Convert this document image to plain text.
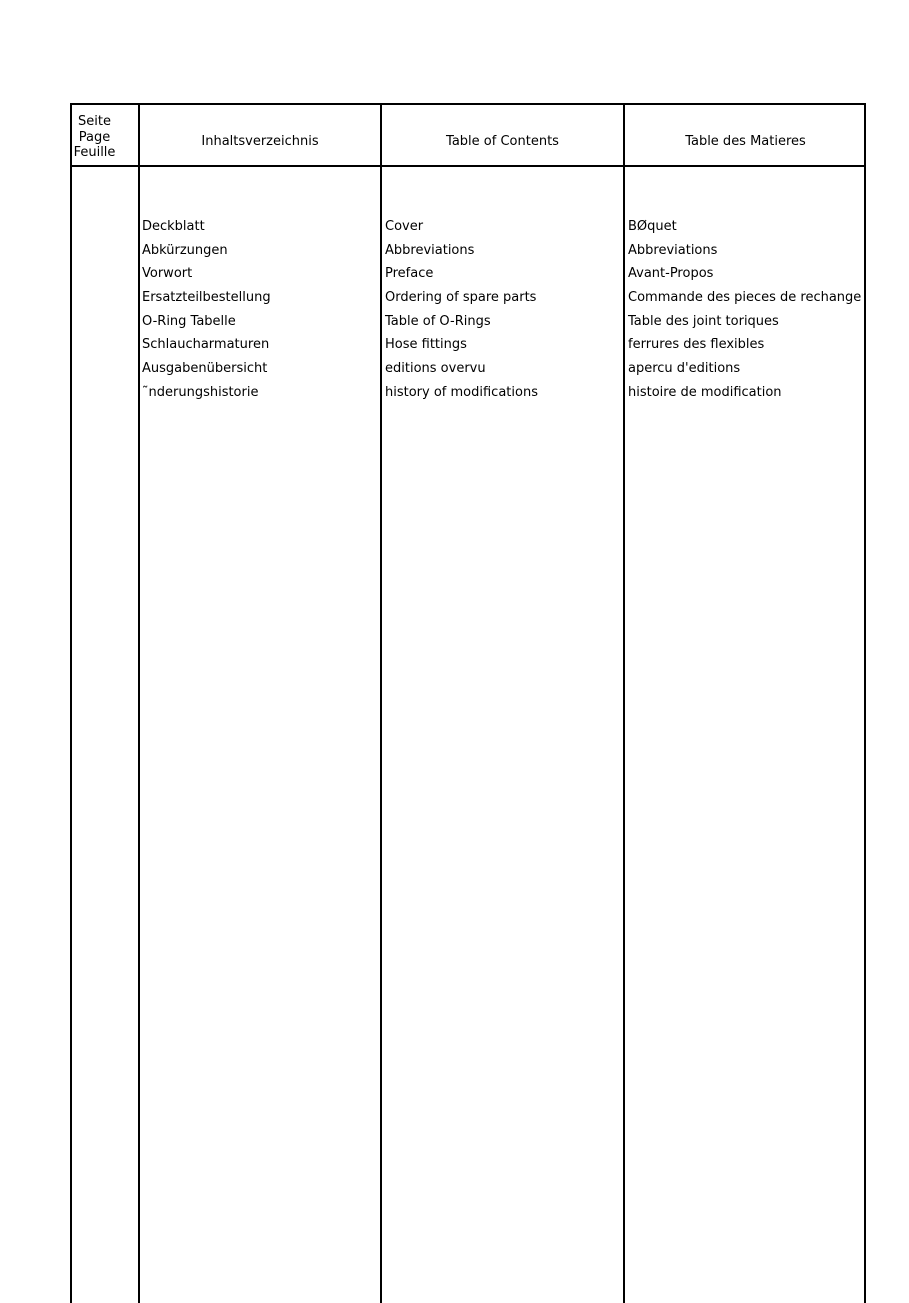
Seite
Page
Feuille
Inhaltsverzeichnis	Table of Contents	Table des Matieres
Deckblatt
Abkürzungen
Vorwort
Ersatzteilbestellung
O-Ring Tabelle
Schlaucharmaturen
Ausgabenübersicht
˜nderungshistorie
Cover
Abbreviations
Preface
Ordering of spare parts
Table of O-Rings
Hose fittings
editions overvu
history of modifications
BØquet
Abbreviations
Avant-Propos
Commande des pieces de rechange
Table des joint toriques
ferrures des flexibles
apercu d'editions
histoire de modification
